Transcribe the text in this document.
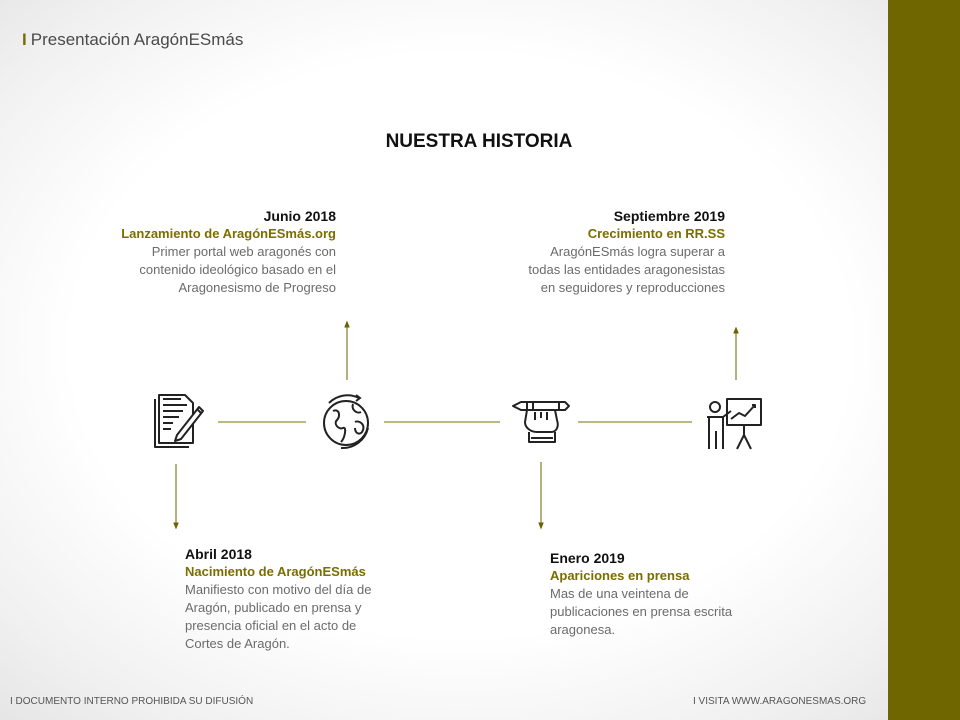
I Presentación AragónESmás
NUESTRA HISTORIA
Junio 2018
Lanzamiento de AragónESmás.org
Primer portal web aragonés con
contenido ideológico basado en el
Aragonesismo de Progreso
Septiembre 2019
Crecimiento en RR.SS
AragónESmás logra superar a
todas las entidades aragonesistas
en seguidores y reproducciones
Abril 2018
Nacimiento de AragónESmás
Manifiesto con motivo del día de
Aragón, publicado en prensa y
presencia oficial en el acto de
Cortes de Aragón.
Enero 2019
Apariciones en prensa
Mas de una veintena de
publicaciones en prensa escrita
aragonesa.
I DOCUMENTO INTERNO PROHIBIDA SU DIFUSIÓN	I VISITA WWW.ARAGONESMAS.ORG
